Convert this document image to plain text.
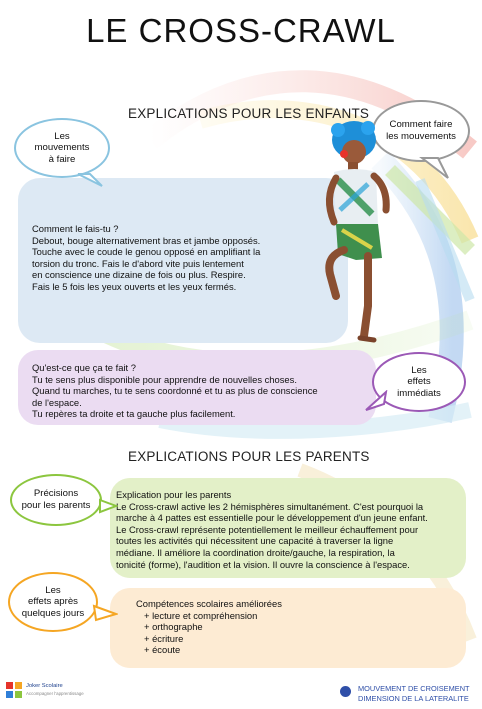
LE CROSS-CRAWL
EXPLICATIONS POUR LES ENFANTS
Les
mouvements
à faire
Comment faire
les mouvements

Comment le fais-tu ?

Debout, bouge alternativement bras et jambe opposés.

Touche avec le coude le genou opposé en amplifiant la

torsion du tronc. Fais le d'abord vite puis lentement

en conscience une dizaine de fois ou plus. Respire.

Fais le 5 fois les yeux ouverts et les yeux fermés.

Qu'est-ce que ça te fait ?

Tu te sens plus disponible pour apprendre de nouvelles choses.

Quand tu marches, tu te sens coordonné et tu as plus de conscience

de l'espace.

Tu repères ta droite et ta gauche plus facilement.

Les
effets
immédiats
EXPLICATIONS POUR LES PARENTS
Précisions
pour les parents

Explication pour les parents

Le Cross-crawl active les 2 hémisphères simultanément. C'est pourquoi la

marche à 4 pattes est essentielle pour le développement d'un jeune enfant.

Le Cross-crawl représente potentiellement le meilleur échauffement pour

toutes les activités qui nécessitent une capacité à traverser la ligne

médiane. Il améliore la coordination droite/gauche, la respiration, la

tonicité (forme), l'audition et la vision. Il ouvre la conscience à l'espace.

Les
effets après
quelques jours

Compétences scolaires améliorées

+ lecture et compréhension

+ orthographe

+ écriture

+ écoute

Joker Scolaire
Accompagner l'apprentissage
MOUVEMENT DE CROISEMENT
DIMENSION DE LA LATERALITE
